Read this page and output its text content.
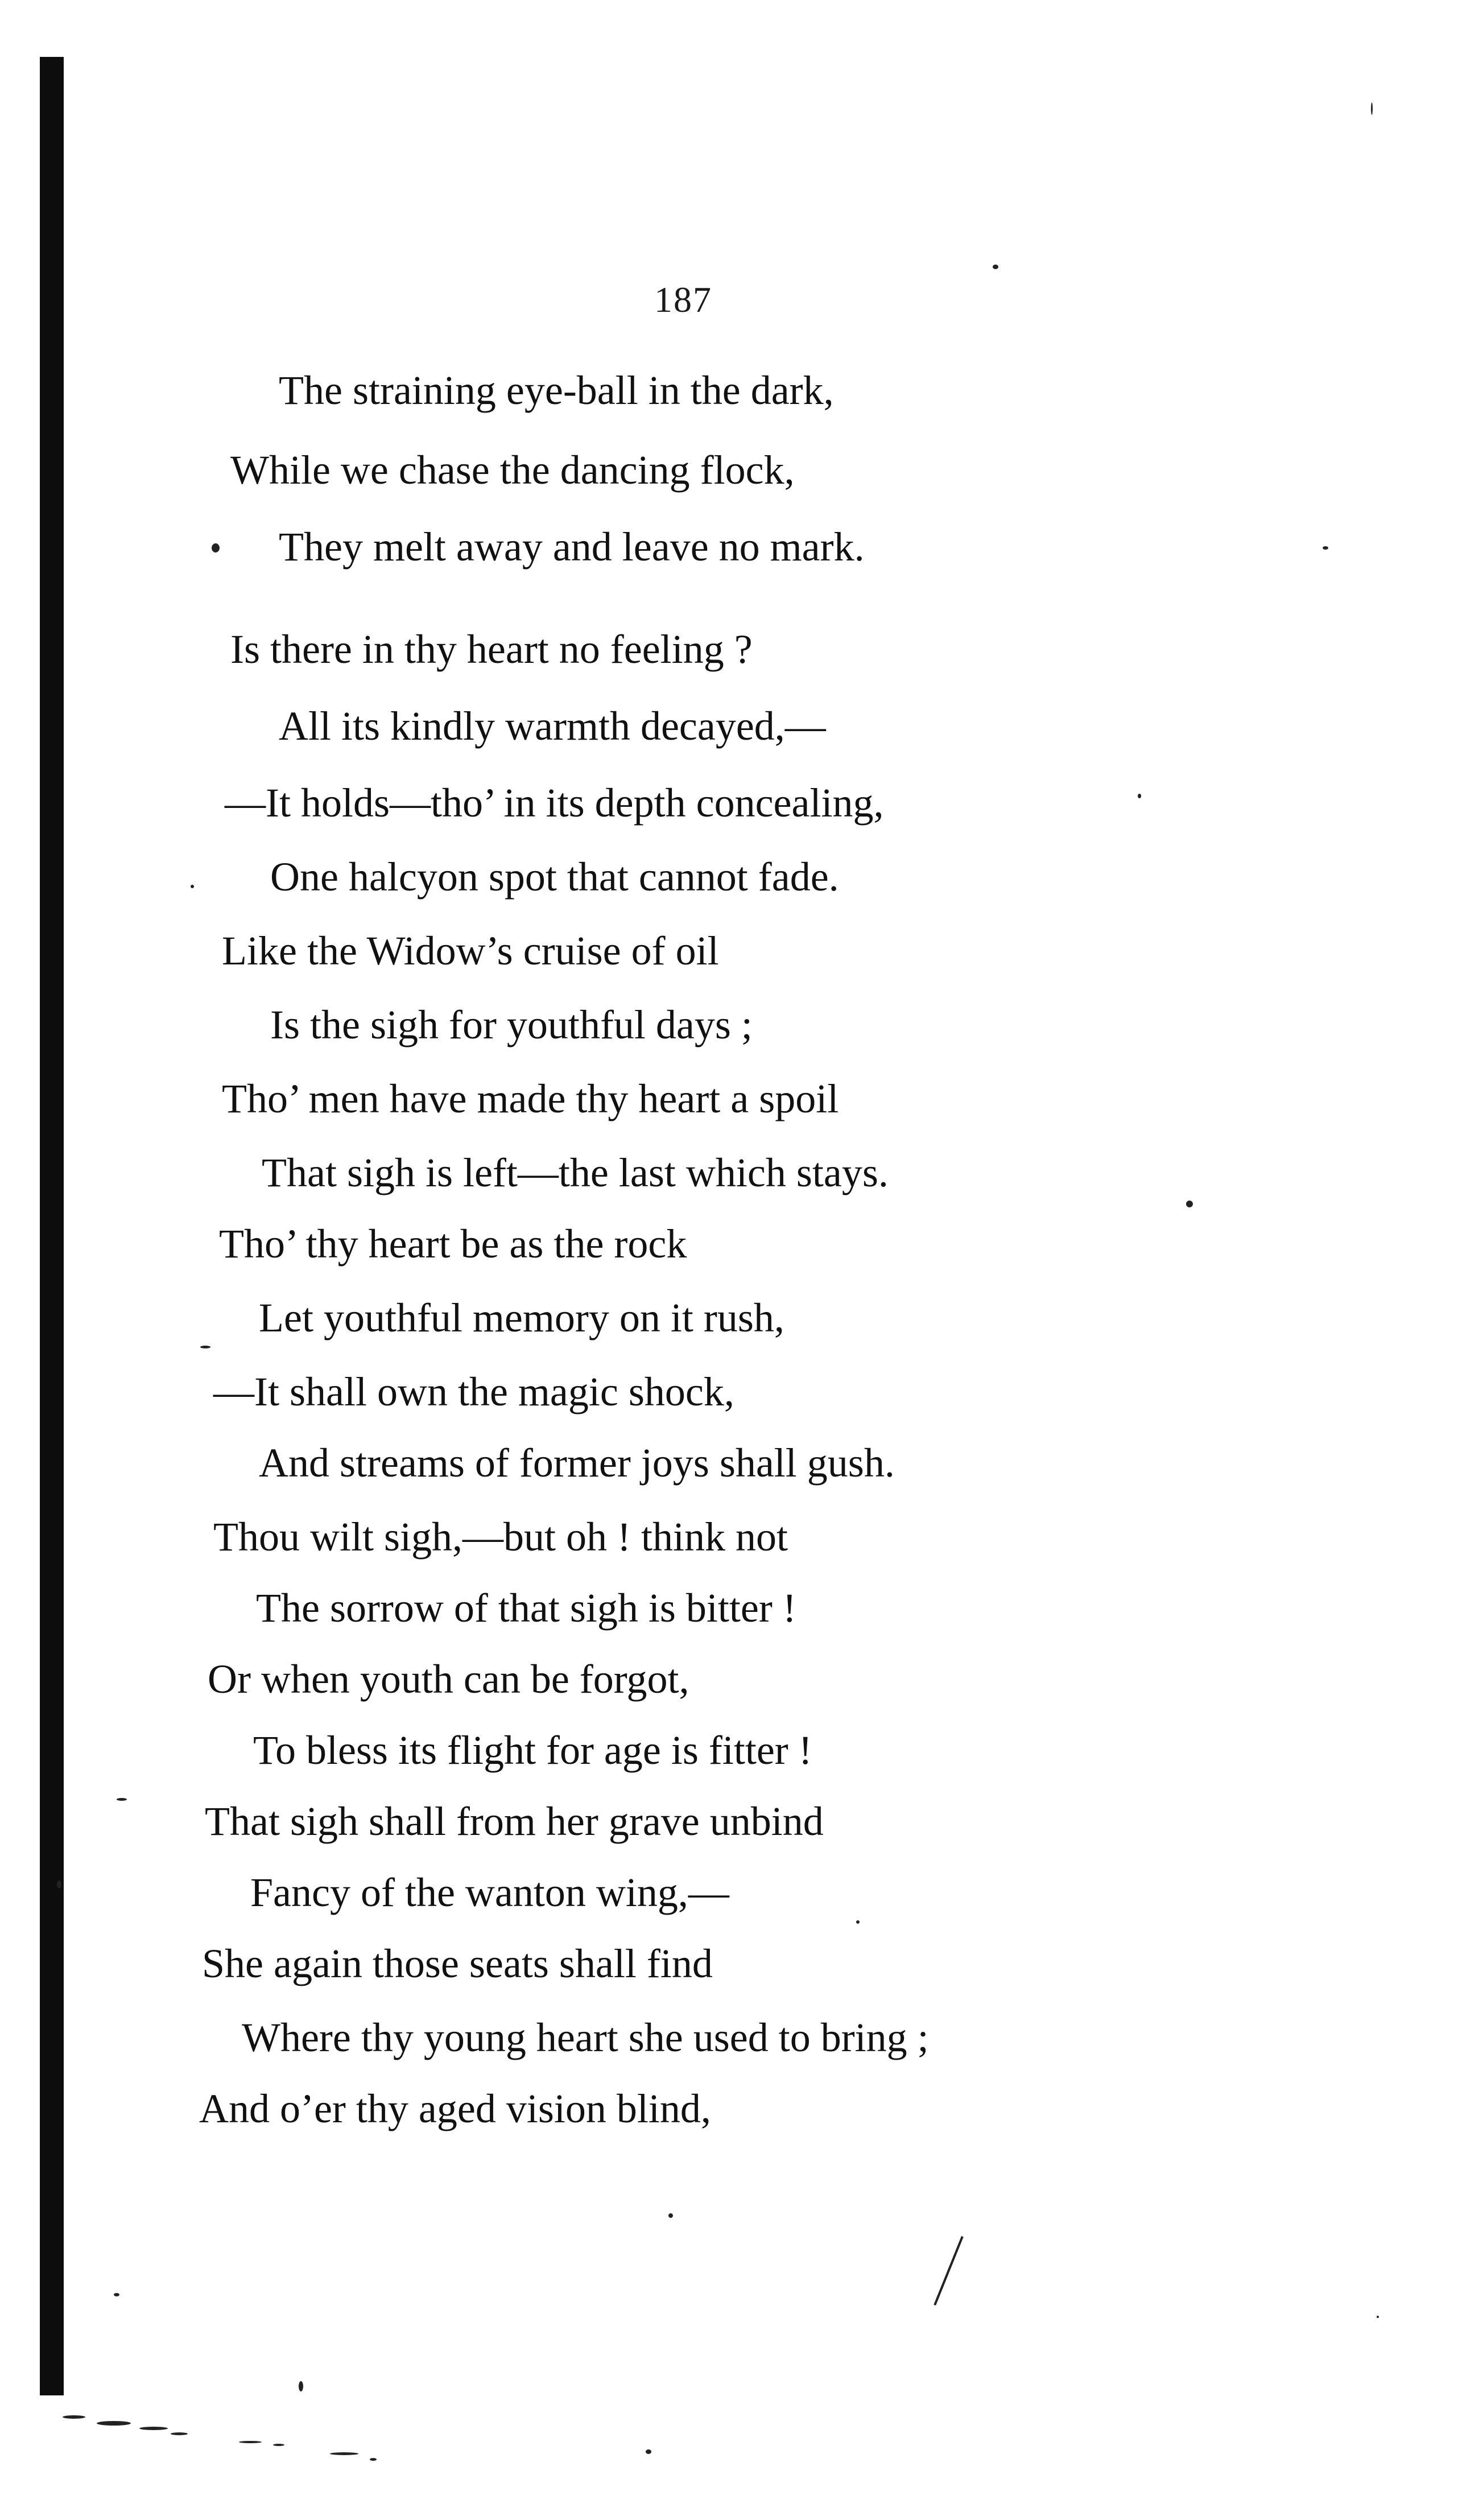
187
The straining eye-ball in the dark,
While we chase the dancing flock,
They melt away and leave no mark.
Is there in thy heart no feeling ?
All its kindly warmth decayed,—
—It holds—tho’ in its depth concealing,
One halcyon spot that cannot fade.
Like the Widow’s cruise of oil
Is the sigh for youthful days ;
Tho’ men have made thy heart a spoil
That sigh is left—the last which stays.
Tho’ thy heart be as the rock
Let youthful memory on it rush,
—It shall own the magic shock,
And streams of former joys shall gush.
Thou wilt sigh,—but oh ! think not
The sorrow of that sigh is bitter !
Or when youth can be forgot,
To bless its flight for age is fitter !
That sigh shall from her grave unbind
Fancy of the wanton wing,—
She again those seats shall find
Where thy young heart she used to bring ;
And o’er thy aged vision blind,
